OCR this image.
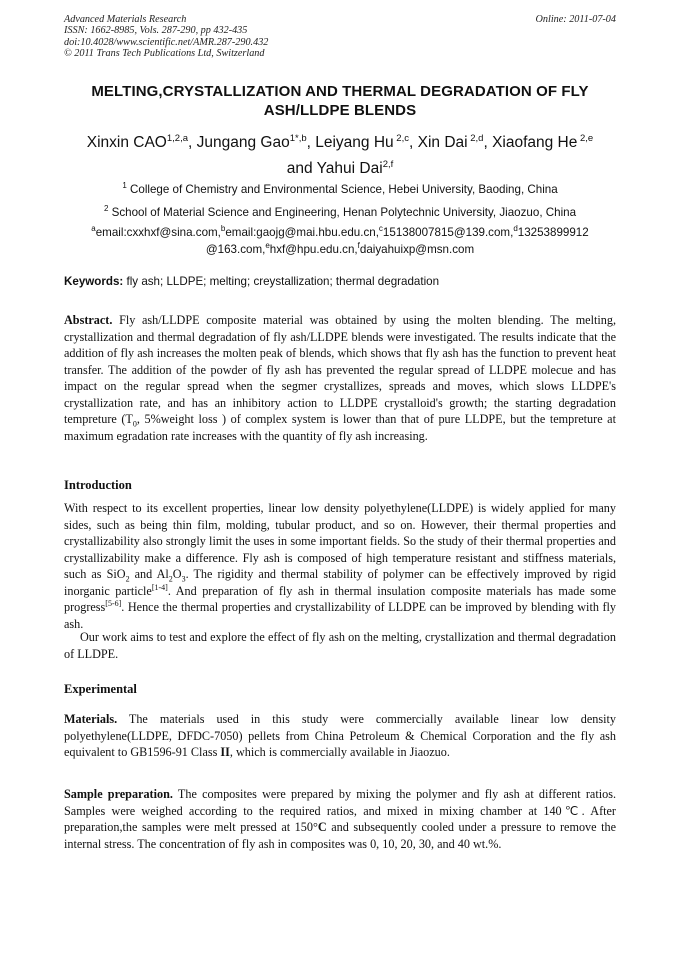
Advanced Materials Research
ISSN: 1662-8985, Vols. 287-290, pp 432-435
doi:10.4028/www.scientific.net/AMR.287-290.432
© 2011 Trans Tech Publications Ltd, Switzerland
Online: 2011-07-04
MELTING,CRYSTALLIZATION AND THERMAL DEGRADATION OF FLY ASH/LLDPE BLENDS
Xinxin CAO$^{1,2,a}$, Jungang Gao$^{1*,b}$, Leiyang Hu $^{2,c}$, Xin Dai $^{2,d}$, Xiaofang He $^{2,e}$
and Yahui Dai$^{2,f}$
$^1$ College of Chemistry and Environmental Science, Hebei University, Baoding, China
$^2$ School of Material Science and Engineering, Henan Polytechnic University, Jiaozuo, China
$^a$email:cxxhxf@sina.com,$^b$email:gaojg@mai.hbu.edu.cn,$^c$15138007815@139.com,$^d$13253899912 @163.com,$^e$hxf@hpu.edu.cn,$^f$daiyahuixp@msn.com
Keywords: fly ash; LLDPE; melting; creystallization; thermal degradation
Abstract. Fly ash/LLDPE composite material was obtained by using the molten blending. The melting, crystallization and thermal degradation of fly ash/LLDPE blends were investigated. The results indicate that the addition of fly ash increases the molten peak of blends, which shows that fly ash has the function to prevent heat transfer. The addition of the powder of fly ash has prevented the regular spread of LLDPE molecue and has impact on the regular spread when the segmer crystallizes, spreads and moves, which slows LLDPE's crystallization rate, and has an inhibitory action to LLDPE crystalloid's growth; the starting degradation tempreture ($T_0$, 5%weight loss ) of complex system is lower than that of pure LLDPE, but the tempreture at maximum egradation rate increases with the quantity of fly ash increasing.
Introduction
With respect to its excellent properties, linear low density polyethylene(LLDPE) is widely applied for many sides, such as being thin film, molding, tubular product, and so on. However, their thermal properties and crystallizability also strongly limit the uses in some important fields. So the study of their thermal properties and crystallizability make a difference. Fly ash is composed of high temperature resistant and stiffness materials, such as SiO$_2$ and $Al_2O_3$. The rigidity and thermal stability of polymer can be effectively improved by rigid inorganic particle[1-4]. And preparation of fly ash in thermal insulation composite materials has made some progress[5-6]. Hence the thermal properties and crystallizability of LLDPE can be improved by blending with fly ash.
Our work aims to test and explore the effect of fly ash on the melting, crystallization and thermal degradation of LLDPE.
Experimental
Materials. The materials used in this study were commercially available linear low density polyethylene(LLDPE, DFDC-7050) pellets from China Petroleum & Chemical Corporation and the fly ash equivalent to GB1596-91 Class II, which is commercially available in Jiaozuo.
Sample preparation. The composites were prepared by mixing the polymer and fly ash at different ratios. Samples were weighed according to the required ratios, and mixed in mixing chamber at 140℃. After preparation,the samples were melt pressed at 150°C and subsequently cooled under a pressure to remove the internal stress. The concentration of fly ash in composites was 0, 10, 20, 30, and 40 wt.%.
